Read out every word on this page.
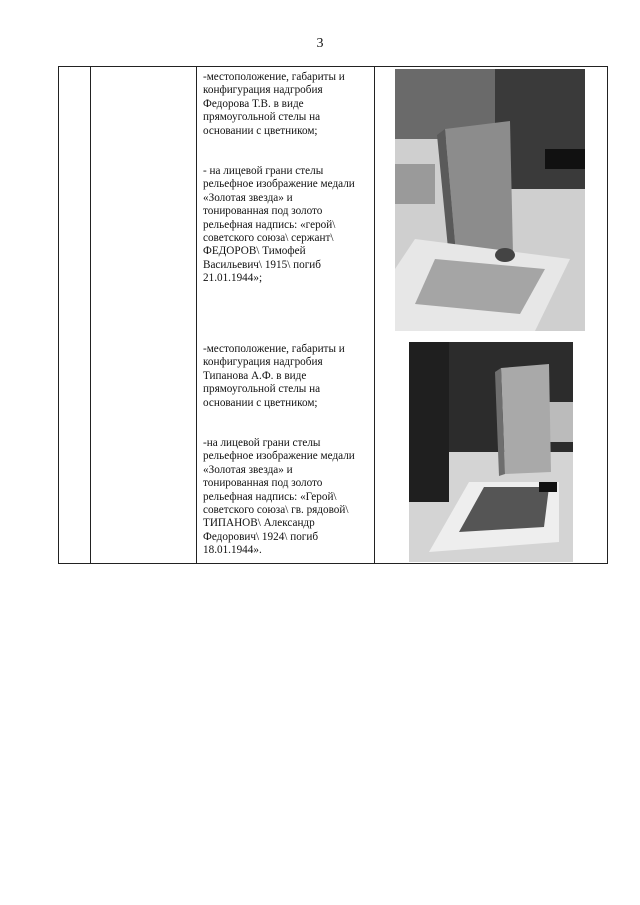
3

-местоположение, габариты и
конфигурация надгробия
Федорова Т.В. в виде
прямоугольной стелы на
основании с цветником;

- на лицевой грани стелы
рельефное изображение медали
«Золотая звезда» и
тонированная под золото
рельефная надпись: «герой\
советского союза\ сержант\
ФЕДОРОВ\ Тимофей
Васильевич\ 1915\ погиб
21.01.1944»;

-местоположение, габариты и
конфигурация надгробия
Типанова А.Ф. в виде
прямоугольной стелы на
основании с цветником;

-на лицевой грани стелы
рельефное изображение медали
«Золотая звезда» и
тонированная под золото
рельефная надпись: «Герой\
советского союза\ гв. рядовой\
ТИПАНОВ\ Александр
Федорович\ 1924\ погиб
18.01.1944».
